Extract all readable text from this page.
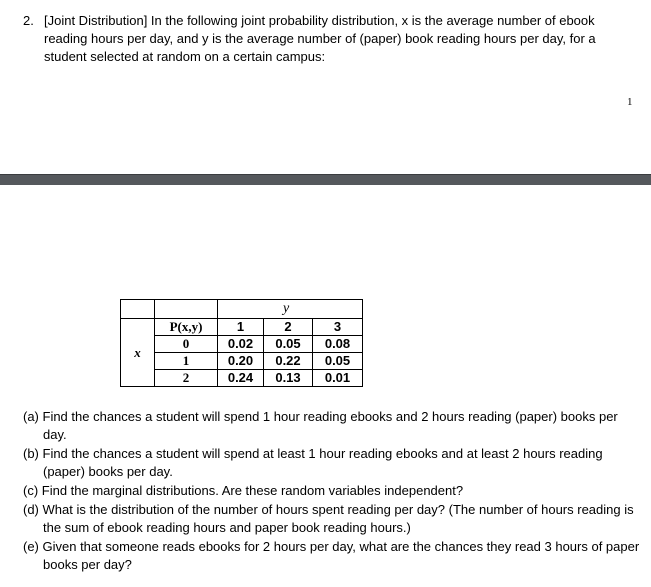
2. [Joint Distribution] In the following joint probability distribution, x is the average number of ebook reading hours per day, and y is the average number of (paper) book reading hours per day, for a student selected at random on a certain campus:
1
y

x	P(x,y)	1	2	3
	0	0.02	0.05	0.08
	1	0.20	0.22	0.05
	2	0.24	0.13	0.01

(a) Find the chances a student will spend 1 hour reading ebooks and 2 hours reading (paper) books per day.

(b) Find the chances a student will spend at least 1 hour reading ebooks and at least 2 hours reading (paper) books per day.

(c) Find the marginal distributions. Are these random variables independent?

(d) What is the distribution of the number of hours spent reading per day? (The number of hours reading is the sum of ebook reading hours and paper book reading hours.)

(e) Given that someone reads ebooks for 2 hours per day, what are the chances they read 3 hours of paper books per day?
